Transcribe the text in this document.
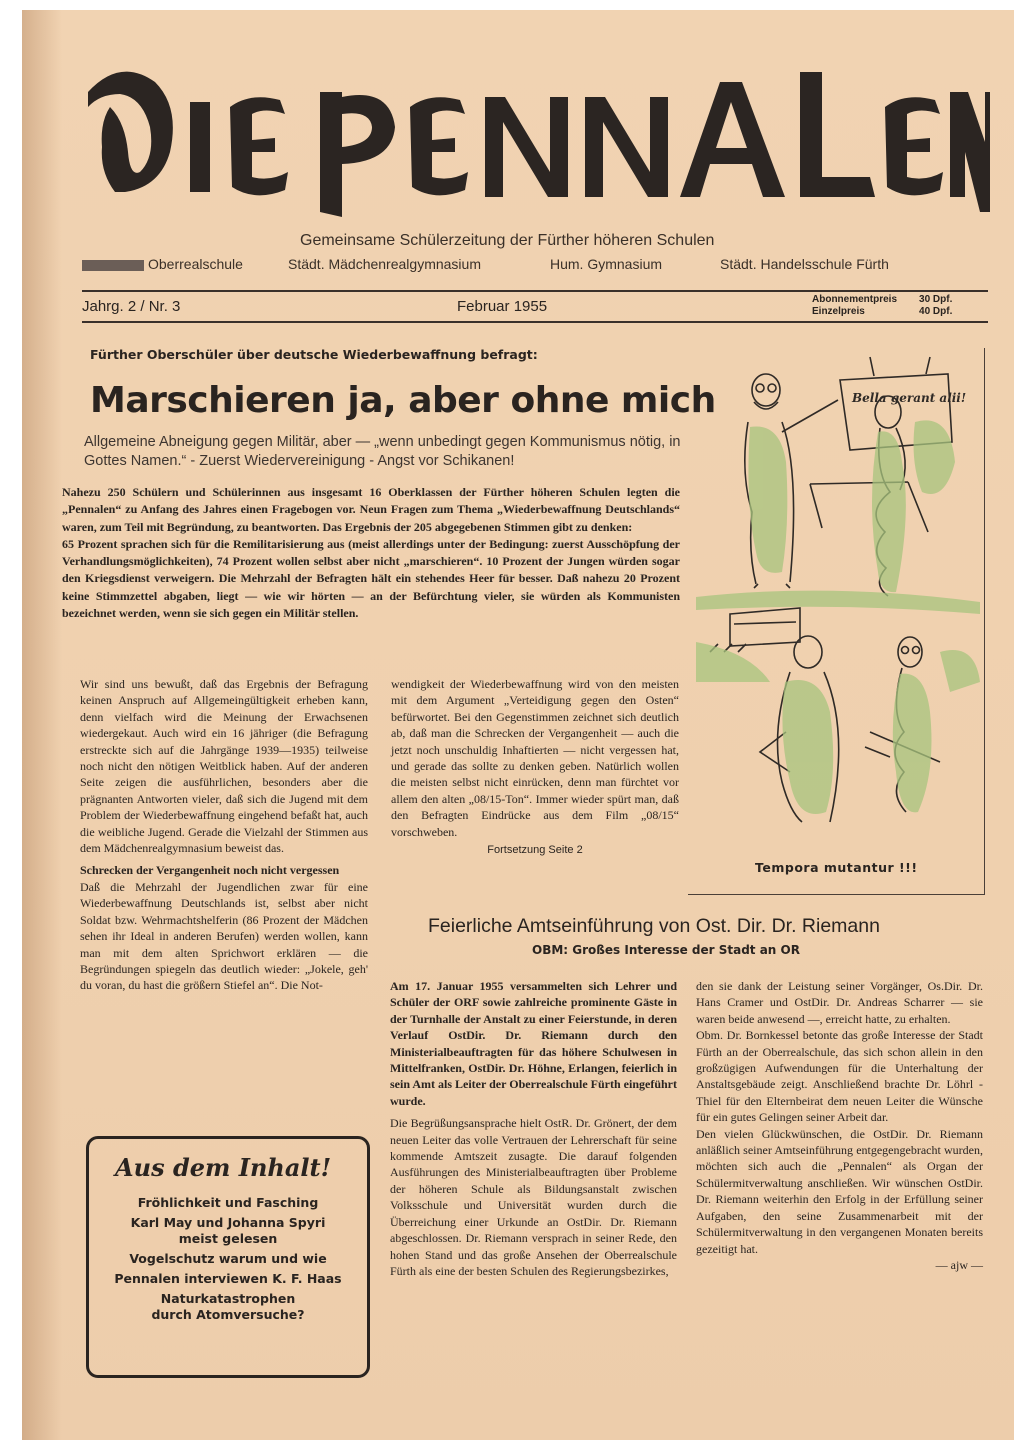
DIE PENNALEN
Gemeinsame Schülerzeitung der Fürther höheren Schulen
Oberrealschule	Städt. Mädchenrealgymnasium	Hum. Gymnasium	Städt. Handelsschule Fürth
Jahrg. 2 / Nr. 3	Februar 1955	Abonnementpreis 30 Dpf.
Einzelpreis	40 Dpf.
Fürther Oberschüler über deutsche Wiederbewaffnung befragt:
Marschieren ja, aber ohne mich
Allgemeine Abneigung gegen Militär, aber — „wenn unbedingt gegen Kommunismus nötig, in Gottes Namen.“ - Zuerst Wiedervereinigung - Angst vor Schikanen!

Nahezu 250 Schülern und Schülerinnen aus insgesamt 16 Oberklassen der Fürther höheren Schulen legten die „Pennalen“ zu Anfang des Jahres einen Fragebogen vor. Neun Fragen zum Thema „Wiederbewaffnung Deutschlands“ waren, zum Teil mit Begründung, zu beantworten. Das Ergebnis der 205 abgegebenen Stimmen gibt zu denken:

65 Prozent sprachen sich für die Remilitarisierung aus (meist allerdings unter der Bedingung: zuerst Ausschöpfung der Verhandlungsmöglichkeiten), 74 Prozent wollen selbst aber nicht „marschieren“. 10 Prozent der Jungen würden sogar den Kriegsdienst verweigern. Die Mehrzahl der Befragten hält ein stehendes Heer für besser. Daß nahezu 20 Prozent keine Stimmzettel abgaben, liegt — wie wir hörten — an der Befürchtung vieler, sie würden als Kommunisten bezeichnet werden, wenn sie sich gegen ein Militär stellen.

Wir sind uns bewußt, daß das Ergebnis der Befragung keinen Anspruch auf Allgemeingültigkeit erheben kann, denn vielfach wird die Meinung der Erwachsenen wiedergekaut. Auch wird ein 16 jähriger (die Befragung erstreckte sich auf die Jahrgänge 1939—1935) teilweise noch nicht den nötigen Weitblick haben. Auf der anderen Seite zeigen die ausführlichen, besonders aber die prägnanten Antworten vieler, daß sich die Jugend mit dem Problem der Wiederbewaffnung eingehend befaßt hat, auch die weibliche Jugend. Gerade die Vielzahl der Stimmen aus dem Mädchenrealgymnasium beweist das.

Schrecken der Vergangenheit noch nicht vergessen

Daß die Mehrzahl der Jugendlichen zwar für eine Wiederbewaffnung Deutschlands ist, selbst aber nicht Soldat bzw. Wehrmachtshelferin (86 Prozent der Mädchen sehen ihr Ideal in anderen Berufen) werden wollen, kann man mit dem alten Sprichwort erklären — die Begründungen spiegeln das deutlich wieder: „Jokele, geh' du voran, du hast die größern Stiefel an“. Die Not-

wendigkeit der Wiederbewaffnung wird von den meisten mit dem Argument „Verteidigung gegen den Osten“ befürwortet. Bei den Gegenstimmen zeichnet sich deutlich ab, daß man die Schrecken der Vergangenheit — auch die jetzt noch unschuldig Inhaftierten — nicht vergessen hat, und gerade das sollte zu denken geben. Natürlich wollen die meisten selbst nicht einrücken, denn man fürchtet vor allem den alten „08/15-Ton“. Immer wieder spürt man, daß den Befragten Eindrücke aus dem Film „08/15“ vorschweben.

Fortsetzung Seite 2
Bella gerant alii!
Tempora mutantur !!!
Feierliche Amtseinführung von Ost. Dir. Dr. Riemann
OBM: Großes Interesse der Stadt an OR

Am 17. Januar 1955 versammelten sich Lehrer und Schüler der ORF sowie zahlreiche prominente Gäste in der Turnhalle der Anstalt zu einer Feierstunde, in deren Verlauf OstDir. Dr. Riemann durch den Ministerialbeauftragten für das höhere Schulwesen in Mittelfranken, OstDir. Dr. Höhne, Erlangen, feierlich in sein Amt als Leiter der Oberrealschule Fürth eingeführt wurde.

Die Begrüßungsansprache hielt OstR. Dr. Grönert, der dem neuen Leiter das volle Vertrauen der Lehrerschaft für seine kommende Amtszeit zusagte. Die darauf folgenden Ausführungen des Ministerialbeauftragten über Probleme der höheren Schule als Bildungsanstalt zwischen Volksschule und Universität wurden durch die Überreichung einer Urkunde an OstDir. Dr. Riemann abgeschlossen. Dr. Riemann versprach in seiner Rede, den hohen Stand und das große Ansehen der Oberrealschule Fürth als eine der besten Schulen des Regierungsbezirkes,

den sie dank der Leistung seiner Vorgänger, Os.Dir. Dr. Hans Cramer und OstDir. Dr. Andreas Scharrer — sie waren beide anwesend —, erreicht hatte, zu erhalten.

Obm. Dr. Bornkessel betonte das große Interesse der Stadt Fürth an der Oberrealschule, das sich schon allein in den großzügigen Aufwendungen für die Unterhaltung der Anstaltsgebäude zeigt. Anschließend brachte Dr. Löhrl - Thiel für den Elternbeirat dem neuen Leiter die Wünsche für ein gutes Gelingen seiner Arbeit dar.

Den vielen Glückwünschen, die OstDir. Dr. Riemann anläßlich seiner Amtseinführung entgegengebracht wurden, möchten sich auch die „Pennalen“ als Organ der Schülermitverwaltung anschließen. Wir wünschen OstDir. Dr. Riemann weiterhin den Erfolg in der Erfüllung seiner Aufgaben, den seine Zusammenarbeit mit der Schülermitverwaltung in den vergangenen Monaten bereits gezeitigt hat.

— ajw —

Aus dem Inhalt!
Fröhlichkeit und Fasching
Karl May und Johanna Spyri meist gelesen
Vogelschutz warum und wie
Pennalen interviewen K. F. Haas
Naturkatastrophen durch Atomversuche?
